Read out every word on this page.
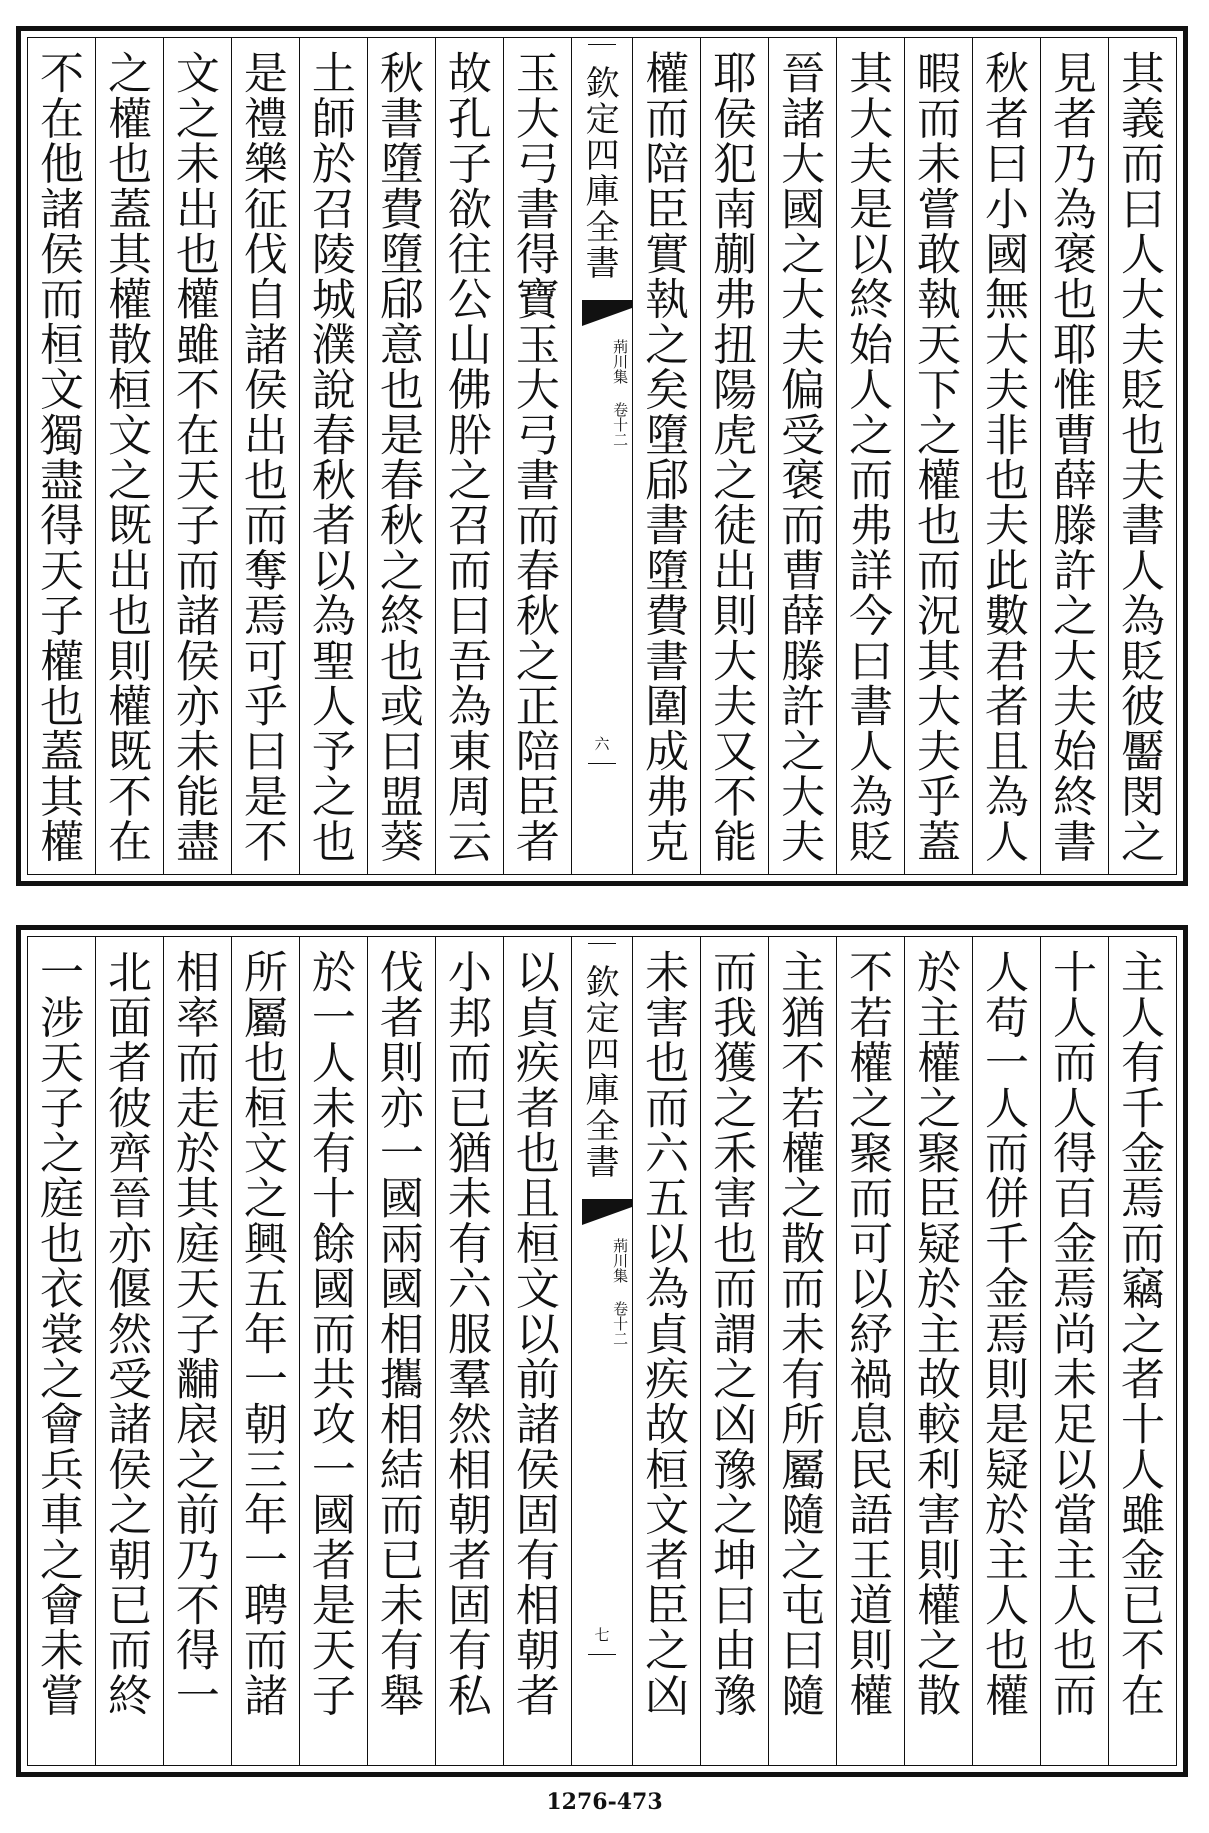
其義而曰人大夫貶也夫書人為貶彼靨閔之
見者乃為褒也耶惟曹薛滕許之大夫始終書
秋者曰小國無大夫非也夫此數君者且為人
暇而未嘗敢執天下之權也而況其大夫乎蓋
其大夫是以終始人之而弗詳今曰書人為貶
晉諸大國之大夫偏受褒而曹薛滕許之大夫
耶侯犯南蒯弗扭陽虎之徒出則大夫又不能
權而陪臣實執之矣墮郈書墮費書圍成弗克
欽定四庫全書
荊川集 卷十二
六
玉大弓書得寶玉大弓書而春秋之正陪臣者
故孔子欲往公山佛肸之召而曰吾為東周云
秋書墮費墮郈意也是春秋之終也或曰盟葵
土師於召陵城濮說春秋者以為聖人予之也
是禮樂征伐自諸侯出也而奪焉可乎曰是不
文之未出也權雖不在天子而諸侯亦未能盡
之權也蓋其權散桓文之既出也則權既不在
不在他諸侯而桓文獨盡得天子權也蓋其權
主人有千金焉而竊之者十人雖金已不在
十人而人得百金焉尚未足以當主人也而
人苟一人而併千金焉則是疑於主人也權
於主權之聚臣疑於主故較利害則權之散
不若權之聚而可以紓禍息民語王道則權
主猶不若權之散而未有所屬隨之屯曰隨
而我獲之禾害也而謂之凶豫之坤曰由豫
未害也而六五以為貞疾故桓文者臣之凶
欽定四庫全書
荊川集 卷十二
七
以貞疾者也且桓文以前諸侯固有相朝者
小邦而已猶未有六服羣然相朝者固有私
伐者則亦一國兩國相攜相結而已未有舉
於一人未有十餘國而共攻一國者是天子
所屬也桓文之興五年一朝三年一聘而諸
相率而走於其庭天子黼扆之前乃不得一
北面者彼齊晉亦偃然受諸侯之朝已而終
一涉天子之庭也衣裳之會兵車之會未嘗
1276-473
